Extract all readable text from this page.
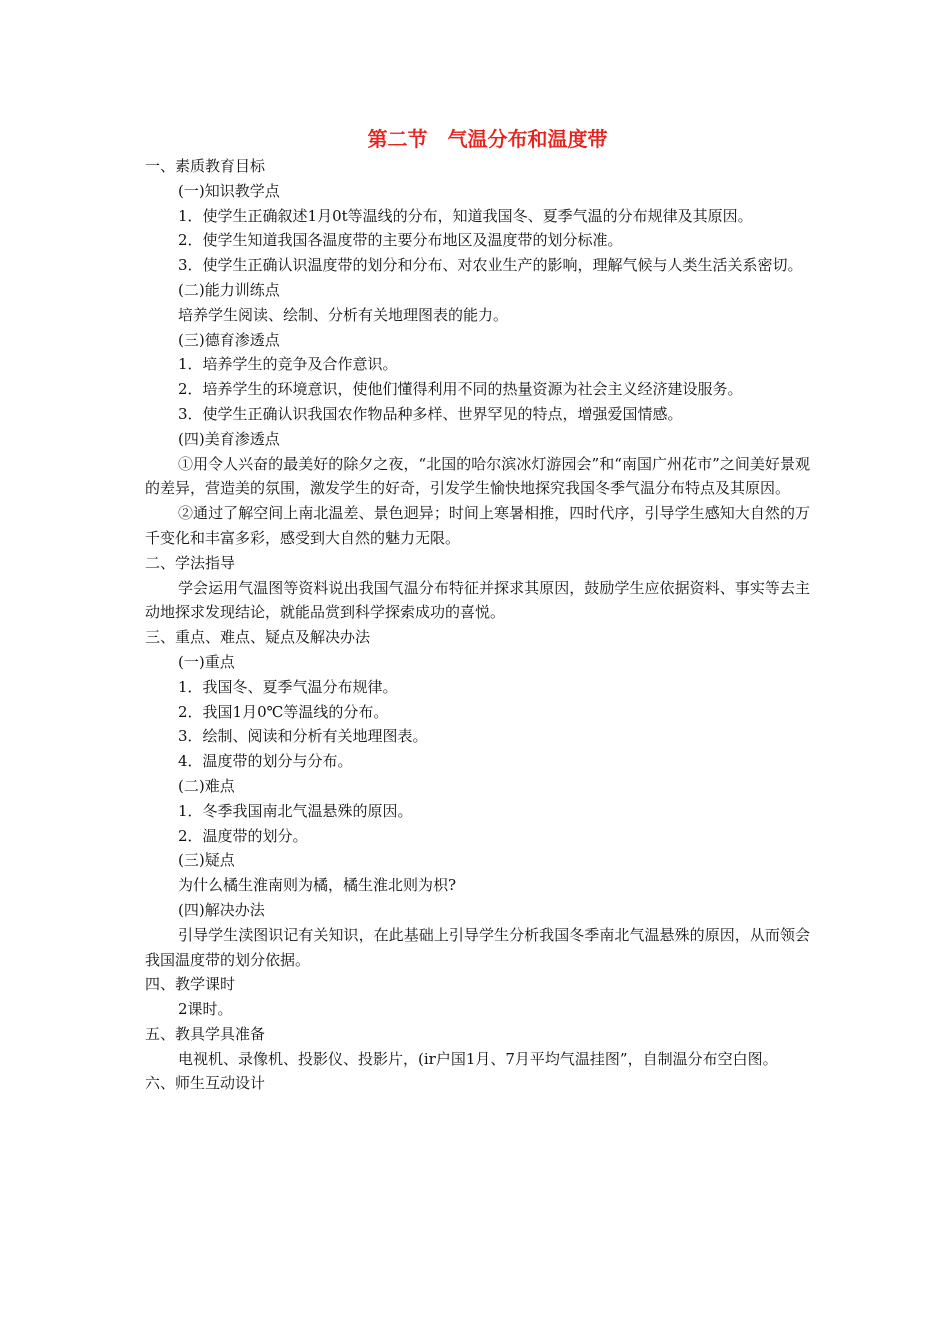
第二节　气温分布和温度带
一、素质教育目标
(一)知识教学点
1．使学生正确叙述1月0t等温线的分布，知道我国冬、夏季气温的分布规律及其原因。
2．使学生知道我国各温度带的主要分布地区及温度带的划分标准。
3．使学生正确认识温度带的划分和分布、对农业生产的影响，理解气候与人类生活关系密切。
(二)能力训练点
培养学生阅读、绘制、分析有关地理图表的能力。
(三)德育渗透点
1．培养学生的竞争及合作意识。
2．培养学生的环境意识，使他们懂得利用不同的热量资源为社会主义经济建设服务。
3．使学生正确认识我国农作物品种多样、世界罕见的特点，增强爱国情感。
(四)美育渗透点
①用令人兴奋的最美好的除夕之夜，“北国的哈尔滨冰灯游园会”和“南国广州花市”之间美好景观的差异，营造美的氛围，激发学生的好奇，引发学生愉快地探究我国冬季气温分布特点及其原因。
②通过了解空间上南北温差、景色迥异；时间上寒暑相推，四时代序，引导学生感知大自然的万千变化和丰富多彩，感受到大自然的魅力无限。
二、学法指导
学会运用气温图等资料说出我国气温分布特征并探求其原因，鼓励学生应依据资料、事实等去主动地探求发现结论，就能品赏到科学探索成功的喜悦。
三、重点、难点、疑点及解决办法
(一)重点
1．我国冬、夏季气温分布规律。
2．我国1月0℃等温线的分布。
3．绘制、阅读和分析有关地理图表。
4．温度带的划分与分布。
(二)难点
1．冬季我国南北气温悬殊的原因。
2．温度带的划分。
(三)疑点
为什么橘生淮南则为橘，橘生淮北则为枳?
(四)解决办法
引导学生渎图识记有关知识，在此基础上引导学生分析我国冬季南北气温悬殊的原因，从而领会我国温度带的划分依据。
四、教学课时
2课时。
五、教具学具准备
电视机、录像机、投影仪、投影片，(ir户国1月、7月平均气温挂图”，自制温分布空白图。
六、师生互动设计
